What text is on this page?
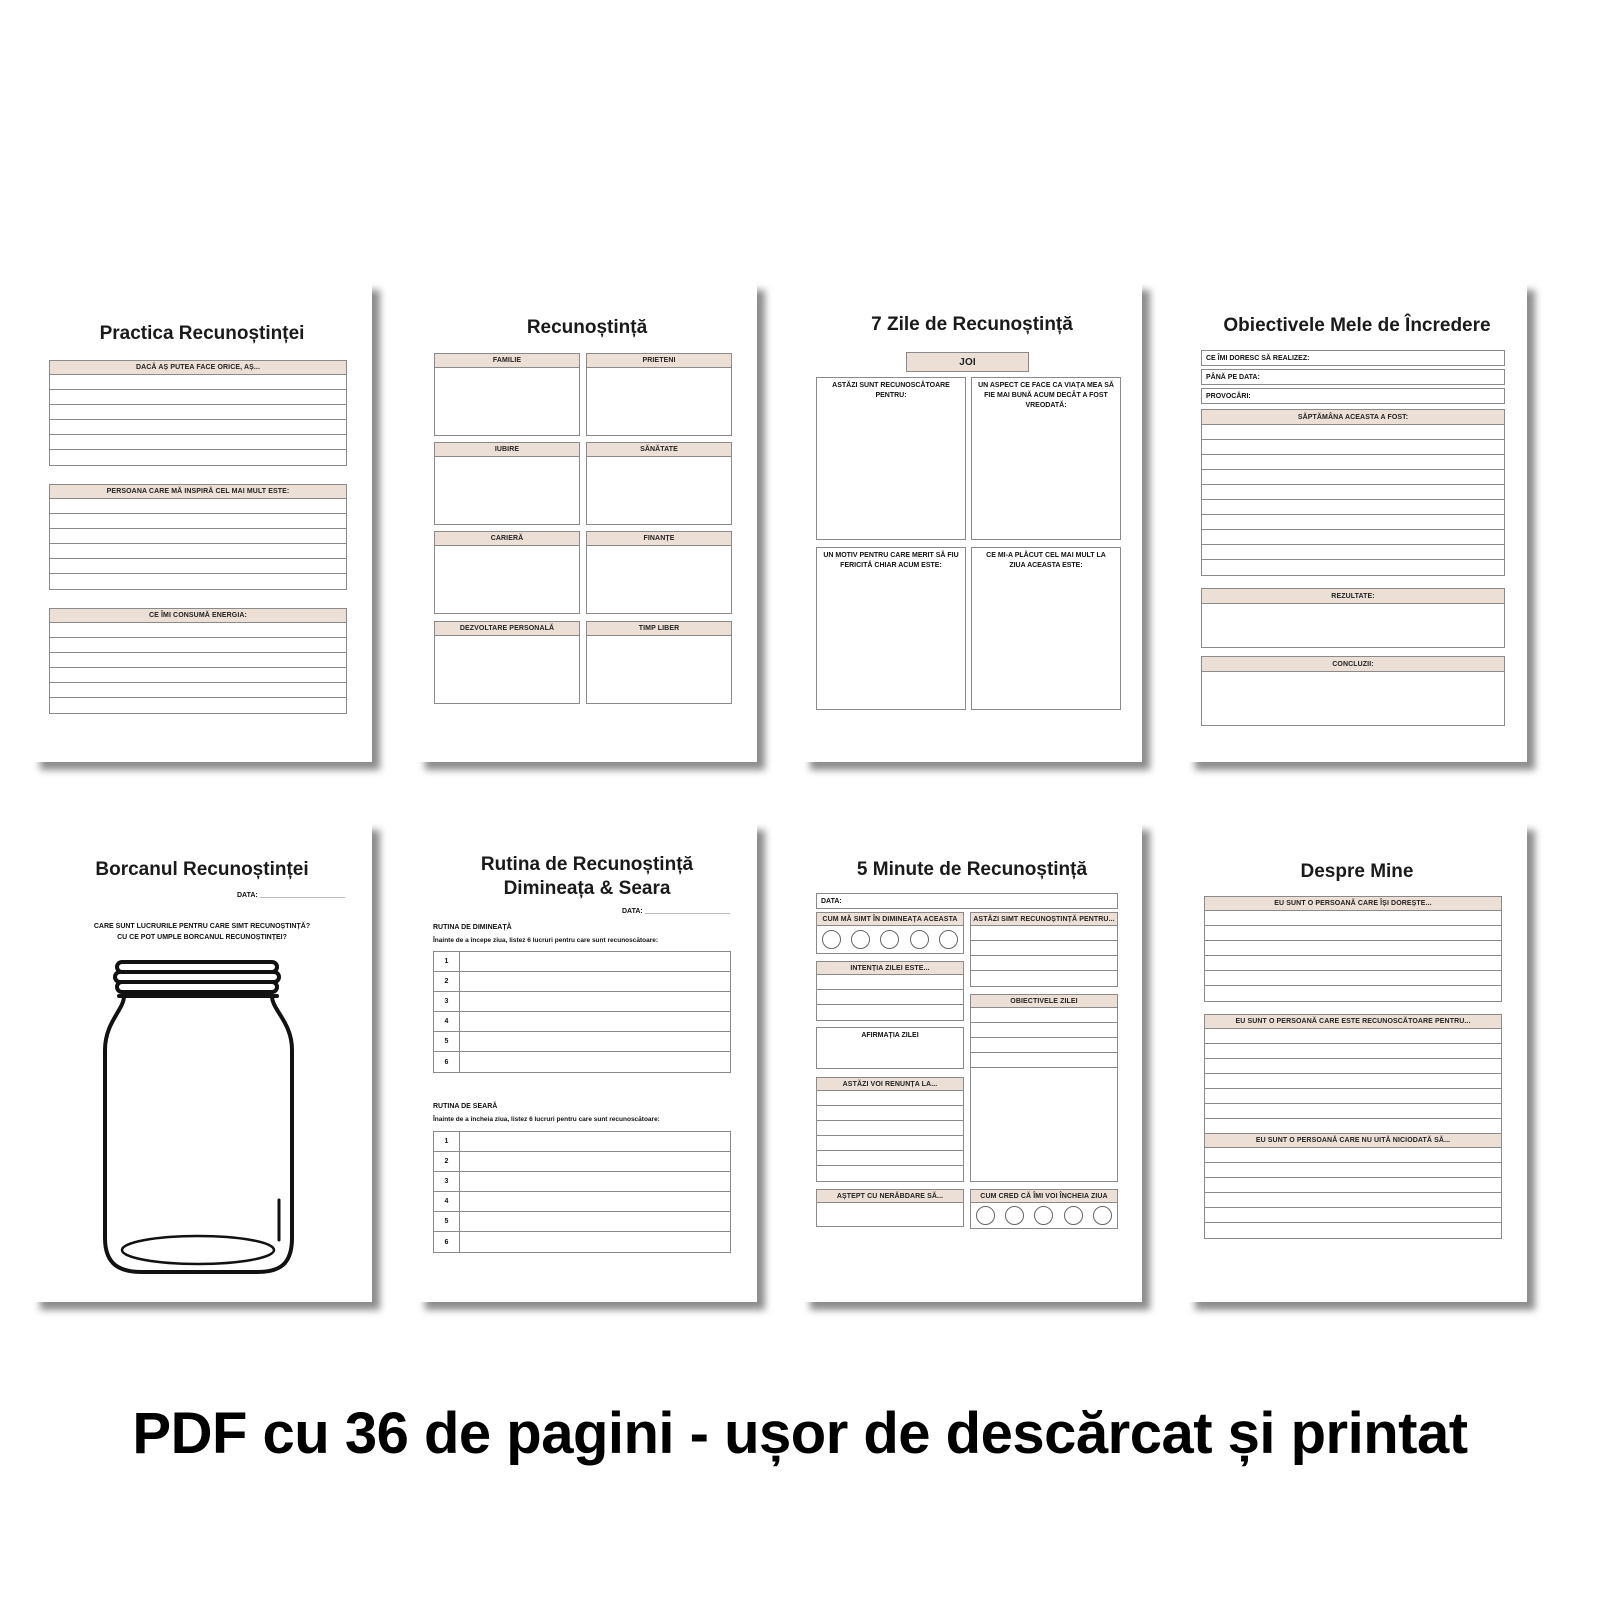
Practica Recunoștinței
DACĂ AȘ PUTEA FACE ORICE, AȘ...
PERSOANA CARE MĂ INSPIRĂ CEL MAI MULT ESTE:
CE ÎMI CONSUMĂ ENERGIA:
Recunoștință
FAMILIE	PRIETENI
IUBIRE	SĂNĂTATE
CARIERĂ	FINANȚE
DEZVOLTARE PERSONALĂ	TIMP LIBER
7 Zile de Recunoștință
JOI
ASTĂZI SUNT RECUNOSCĂTOARE PENTRU:
UN ASPECT CE FACE CA VIAȚA MEA SĂ FIE MAI BUNĂ ACUM DECÂT A FOST VREODATĂ:
UN MOTIV PENTRU CARE MERIT SĂ FIU FERICITĂ CHIAR ACUM ESTE:
CE MI-A PLĂCUT CEL MAI MULT LA ZIUA ACEASTA ESTE:
Obiectivele Mele de Încredere
CE ÎMI DORESC SĂ REALIZEZ:
PÂNĂ PE DATA:
PROVOCĂRI:
SĂPTĂMÂNA ACEASTA A FOST:
REZULTATE:
CONCLUZII:
Borcanul Recunoștinței
DATA: ______________________
CARE SUNT LUCRURILE PENTRU CARE SIMT RECUNOȘTINȚĂ?
CU CE POT UMPLE BORCANUL RECUNOȘTINȚEI?
Rutina de Recunoștință
Dimineața & Seara
DATA: ______________________
RUTINA DE DIMINEAȚĂ
Înainte de a începe ziua, listez 6 lucruri pentru care sunt recunoscătoare:
1
2
3
4
5
6
RUTINA DE SEARĂ
Înainte de a încheia ziua, listez 6 lucruri pentru care sunt recunoscătoare:
1
2
3
4
5
6
5 Minute de Recunoștință
DATA:
CUM MĂ SIMT ÎN DIMINEAȚA ACEASTA
INTENȚIA ZILEI ESTE...
AFIRMAȚIA ZILEI
ASTĂZI VOI RENUNȚA LA...
AȘTEPT CU NERĂBDARE SĂ...
ASTĂZI SIMT RECUNOȘTINȚĂ PENTRU...
OBIECTIVELE ZILEI
CUM CRED CĂ ÎMI VOI ÎNCHEIA ZIUA
Despre Mine
EU SUNT O PERSOANĂ CARE ÎȘI DOREȘTE...
EU SUNT O PERSOANĂ CARE ESTE RECUNOSCĂTOARE PENTRU...
EU SUNT O PERSOANĂ CARE NU UITĂ NICIODATĂ SĂ...
PDF cu 36 de pagini - ușor de descărcat și printat
